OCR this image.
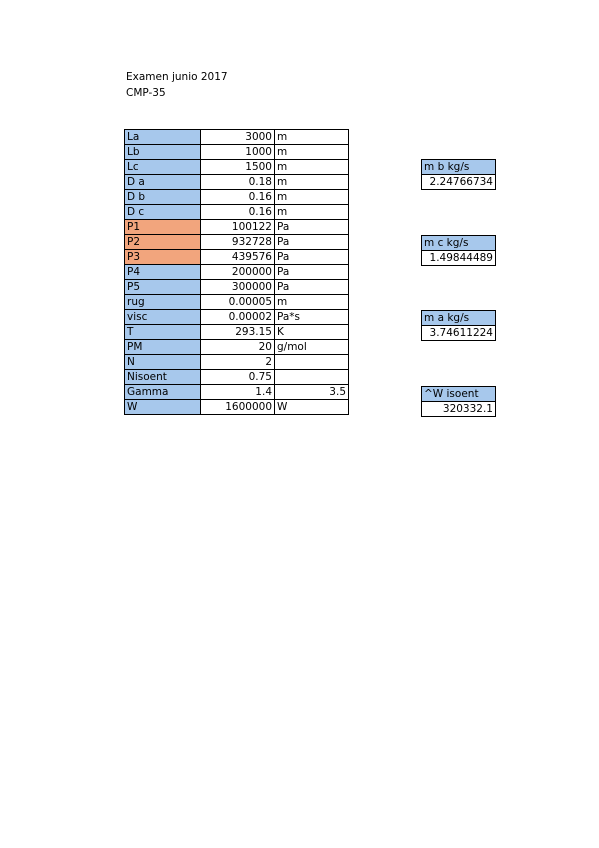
Examen junio 2017
CMP-35
La	3000	m
Lb	1000	m
Lc	1500	m
D a	0.18	m
D b	0.16	m
D c	0.16	m
P1	100122	Pa
P2	932728	Pa
P3	439576	Pa
P4	200000	Pa
P5	300000	Pa
rug	0.00005	m
visc	0.00002	Pa*s
T	293.15	K
PM	20	g/mol
N	2	
Nisoent	0.75	
Gamma	1.4	3.5
W	1600000	W
m b kg/s
2.24766734
m c kg/s
1.49844489
m a kg/s
3.74611224
^W isoent
320332.1
